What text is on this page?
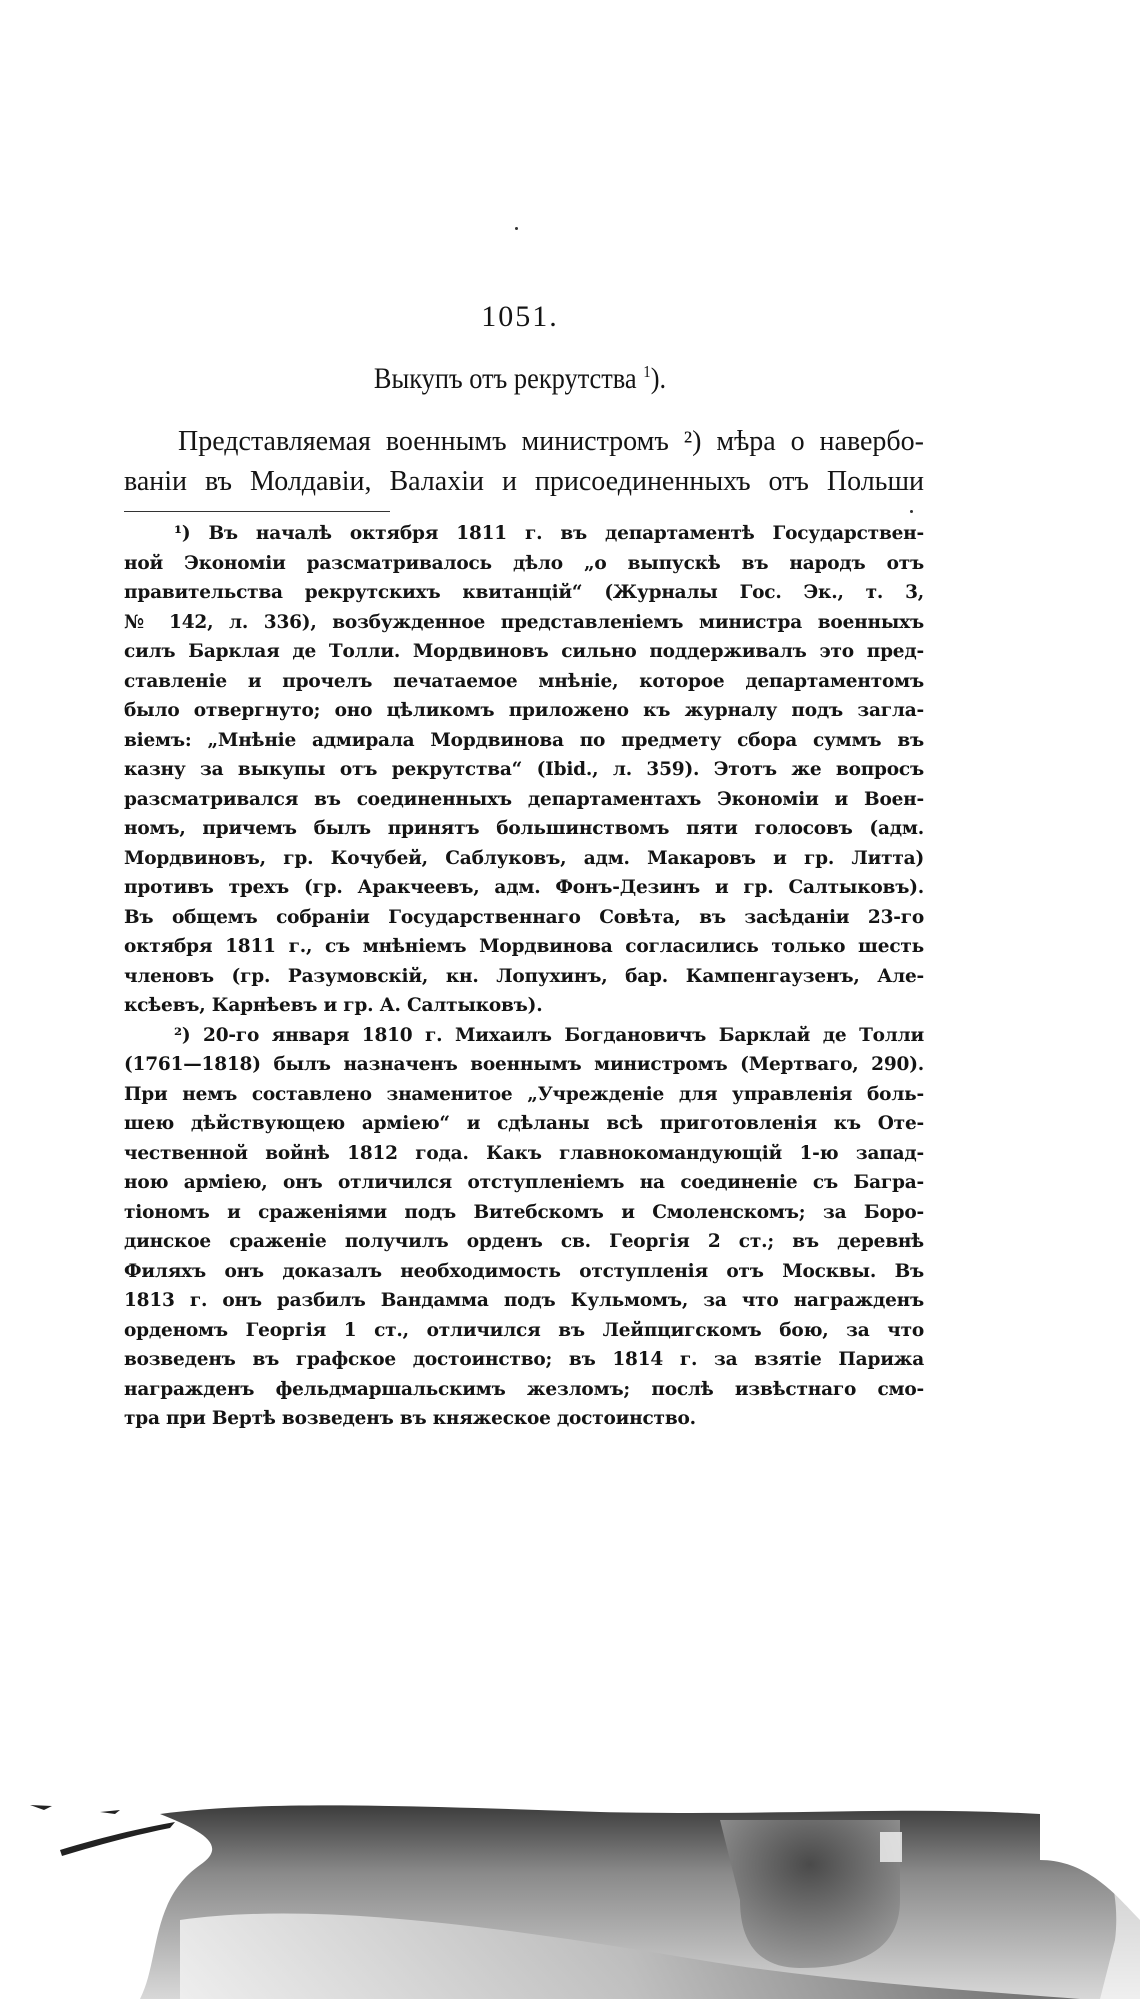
1051.
Выкупъ отъ рекрутства $^1$).
Представляемая военнымъ министромъ ²) мѣра о навербо-
ваніи въ Молдавіи, Валахіи и присоединенныхъ отъ Польши
¹) Въ началѣ октября 1811 г. въ департаментѣ Государствен-
ной Экономіи разсматривалось дѣло „о выпускѣ въ народъ отъ
правительства рекрутскихъ квитанцій“ (Журналы Гос. Эк., т. 3,
№ 142, л. 336), возбужденное представленіемъ министра военныхъ
силъ Барклая де Толли. Мордвиновъ сильно поддерживалъ это пред-
ставленіе и прочелъ печатаемое мнѣніе, которое департаментомъ
было отвергнуто; оно цѣликомъ приложено къ журналу подъ загла-
віемъ: „Мнѣніе адмирала Мордвинова по предмету сбора суммъ въ
казну за выкупы отъ рекрутства“ (Ibid., л. 359). Этотъ же вопросъ
разсматривался въ соединенныхъ департаментахъ Экономіи и Воен-
номъ, причемъ былъ принятъ большинствомъ пяти голосовъ (адм.
Мордвиновъ, гр. Кочубей, Саблуковъ, адм. Макаровъ и гр. Литта)
противъ трехъ (гр. Аракчеевъ, адм. Фонъ-Дезинъ и гр. Салтыковъ).
Въ общемъ собраніи Государственнаго Совѣта, въ засѣданіи 23-го
октября 1811 г., съ мнѣніемъ Мордвинова согласились только шесть
членовъ (гр. Разумовскій, кн. Лопухинъ, бар. Кампенгаузенъ, Але-
ксѣевъ, Карнѣевъ и гр. А. Салтыковъ).
²) 20-го января 1810 г. Михаилъ Богдановичъ Барклай де Толли
(1761—1818) былъ назначенъ военнымъ министромъ (Мертваго, 290).
При немъ составлено знаменитое „Учрежденіе для управленія боль-
шею дѣйствующею арміею“ и сдѣланы всѣ приготовленія къ Оте-
чественной войнѣ 1812 года. Какъ главнокомандующій 1-ю запад-
ною арміею, онъ отличился отступленіемъ на соединеніе съ Багра-
тіономъ и сраженіями подъ Витебскомъ и Смоленскомъ; за Боро-
динское сраженіе получилъ орденъ св. Георгія 2 ст.; въ деревнѣ
Филяхъ онъ доказалъ необходимость отступленія отъ Москвы. Въ
1813 г. онъ разбилъ Вандамма подъ Кульмомъ, за что награжденъ
орденомъ Георгія 1 ст., отличился въ Лейпцигскомъ бою, за что
возведенъ въ графское достоинство; въ 1814 г. за взятіе Парижа
награжденъ фельдмаршальскимъ жезломъ; послѣ извѣстнаго смо-
тра при Вертѣ возведенъ въ княжеское достоинство.
